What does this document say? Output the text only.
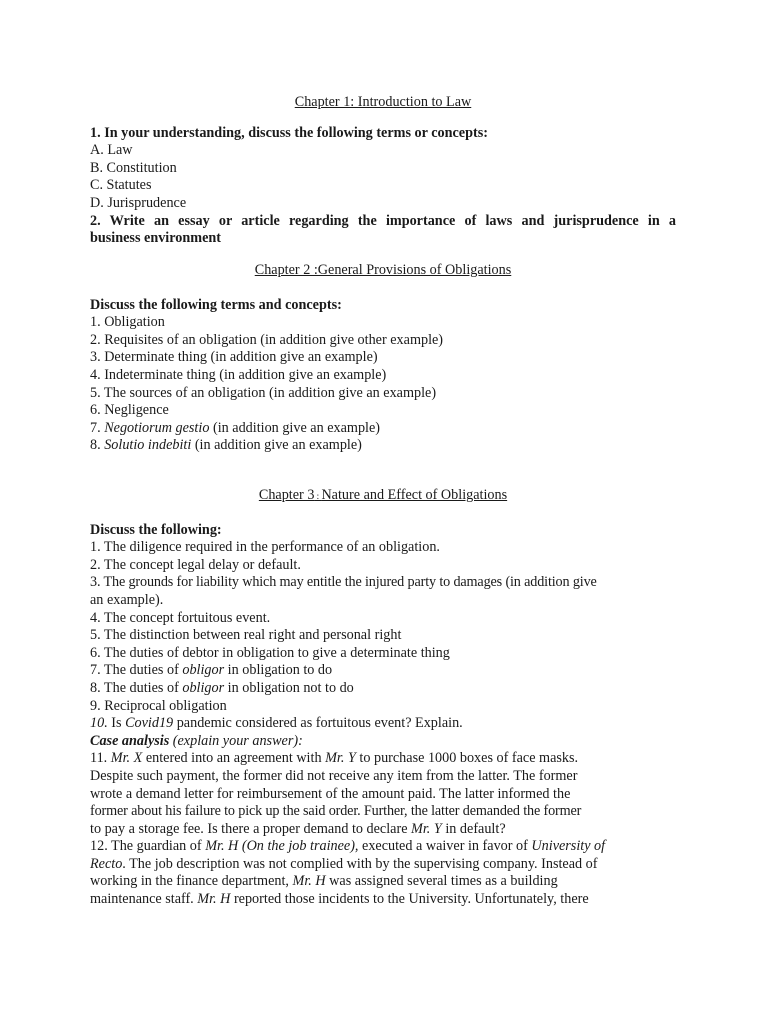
Chapter 1: Introduction to Law
1. In your understanding, discuss the following terms or concepts:
A. Law
B. Constitution
C. Statutes
D. Jurisprudence
2. Write an essay or article regarding the importance of laws and jurisprudence in a
business environment
Chapter 2 :General Provisions of Obligations
Discuss the following terms and concepts:
1. Obligation
2. Requisites of an obligation (in addition give other example)
3. Determinate thing (in addition give an example)
4. Indeterminate thing (in addition give an example)
5. The sources of an obligation (in addition give an example)
6. Negligence
7. Negotiorum gestio (in addition give an example)
8. Solutio indebiti (in addition give an example)
Chapter 3 : Nature and Effect of Obligations
Discuss the following:
1. The diligence required in the performance of an obligation.
2. The concept legal delay or default.
3. The grounds for liability which may entitle the injured party to damages (in addition give
an example).
4. The concept fortuitous event.
5. The distinction between real right and personal right
6. The duties of debtor in obligation to give a determinate thing
7. The duties of obligor in obligation to do
8. The duties of obligor in obligation not to do
9. Reciprocal obligation
10. Is Covid19 pandemic considered as fortuitous event? Explain.
Case analysis (explain your answer):
11. Mr. X entered into an agreement with Mr. Y to purchase 1000 boxes of face masks.
Despite such payment, the former did not receive any item from the latter. The former
wrote a demand letter for reimbursement of the amount paid. The latter informed the
former about his failure to pick up the said order. Further, the latter demanded the former
to pay a storage fee. Is there a proper demand to declare Mr. Y in default?
12. The guardian of Mr. H (On the job trainee), executed a waiver in favor of University of
Recto. The job description was not complied with by the supervising company. Instead of
working in the finance department, Mr. H was assigned several times as a building
maintenance staff. Mr. H reported those incidents to the University. Unfortunately, there
